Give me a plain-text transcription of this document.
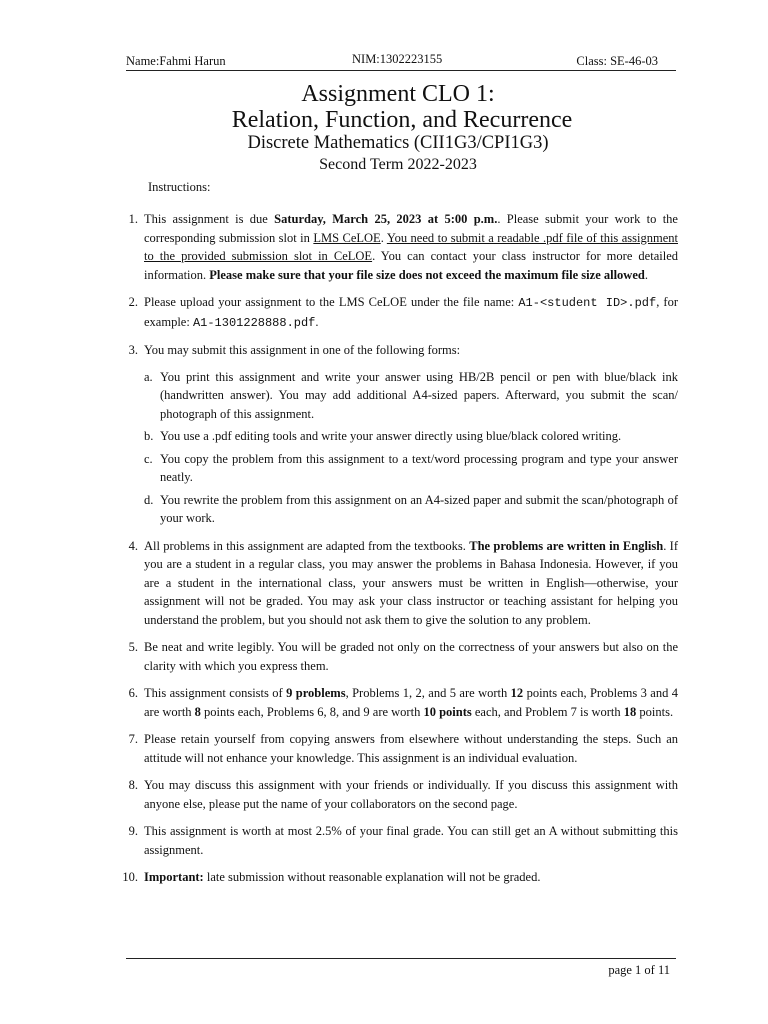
Name:Fahmi Harun	NIM:1302223155	Class: SE-46-03
Assignment CLO 1:
Relation, Function, and Recurrence
Discrete Mathematics (CII1G3/CPI1G3)
Second Term 2022-2023
Instructions:
1. This assignment is due Saturday, March 25, 2023 at 5:00 p.m.. Please submit your work to the corresponding submission slot in LMS CeLOE. You need to submit a readable .pdf file of this assignment to the provided submission slot in CeLOE. You can contact your class instructor for more detailed information. Please make sure that your file size does not exceed the maximum file size allowed.
2. Please upload your assignment to the LMS CeLOE under the file name: A1-<student ID>.pdf, for example: A1-1301228888.pdf.
3. You may submit this assignment in one of the following forms:
a. You print this assignment and write your answer using HB/2B pencil or pen with blue/black ink (handwritten answer). You may add additional A4-sized papers. Afterward, you submit the scan/ photograph of this assignment.
b. You use a .pdf editing tools and write your answer directly using blue/black colored writing.
c. You copy the problem from this assignment to a text/word processing program and type your answer neatly.
d. You rewrite the problem from this assignment on an A4-sized paper and submit the scan/photograph of your work.
4. All problems in this assignment are adapted from the textbooks. The problems are written in English. If you are a student in a regular class, you may answer the problems in Bahasa Indonesia. However, if you are a student in the international class, your answers must be written in English—otherwise, your assignment will not be graded. You may ask your class instructor or teaching assistant for helping you understand the problem, but you should not ask them to give the solution to any problem.
5. Be neat and write legibly. You will be graded not only on the correctness of your answers but also on the clarity with which you express them.
6. This assignment consists of 9 problems, Problems 1, 2, and 5 are worth 12 points each, Problems 3 and 4 are worth 8 points each, Problems 6, 8, and 9 are worth 10 points each, and Problem 7 is worth 18 points.
7. Please retain yourself from copying answers from elsewhere without understanding the steps. Such an attitude will not enhance your knowledge. This assignment is an individual evaluation.
8. You may discuss this assignment with your friends or individually. If you discuss this assignment with anyone else, please put the name of your collaborators on the second page.
9. This assignment is worth at most 2.5% of your final grade. You can still get an A without submitting this assignment.
10. Important: late submission without reasonable explanation will not be graded.
page 1 of 11
